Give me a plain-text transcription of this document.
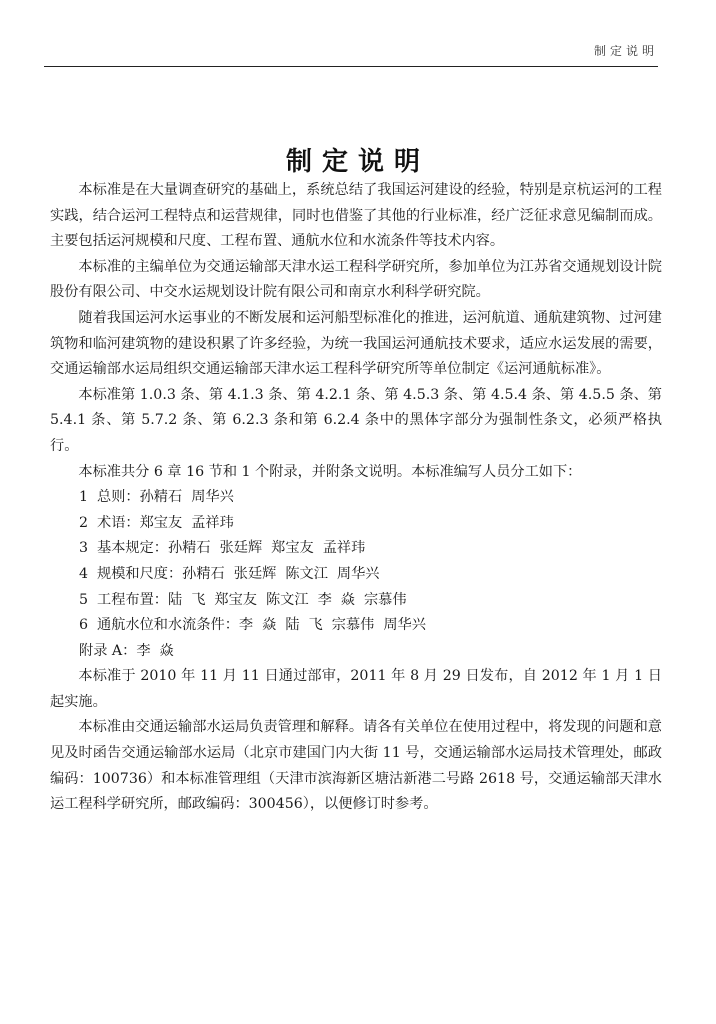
制定说明
制定说明

本标准是在大量调查研究的基础上，系统总结了我国运河建设的经验，特别是京杭运河的工程实践，结合运河工程特点和运营规律，同时也借鉴了其他的行业标准，经广泛征求意见编制而成。主要包括运河规模和尺度、工程布置、通航水位和水流条件等技术内容。

本标准的主编单位为交通运输部天津水运工程科学研究所，参加单位为江苏省交通规划设计院股份有限公司、中交水运规划设计院有限公司和南京水利科学研究院。

随着我国运河水运事业的不断发展和运河船型标准化的推进，运河航道、通航建筑物、过河建筑物和临河建筑物的建设积累了许多经验，为统一我国运河通航技术要求，适应水运发展的需要，交通运输部水运局组织交通运输部天津水运工程科学研究所等单位制定《运河通航标准》。

本标准第 1.0.3 条、第 4.1.3 条、第 4.2.1 条、第 4.5.3 条、第 4.5.4 条、第 4.5.5 条、第 5.4.1 条、第 5.7.2 条、第 6.2.3 条和第 6.2.4 条中的黑体字部分为强制性条文，必须严格执行。

本标准共分 6 章 16 节和 1 个附录，并附条文说明。本标准编写人员分工如下：

1  总则：孙精石  周华兴

2  术语：郑宝友  孟祥玮

3  基本规定：孙精石  张廷辉  郑宝友  孟祥玮

4  规模和尺度：孙精石  张廷辉  陈文江  周华兴

5  工程布置：陆  飞  郑宝友  陈文江  李  焱  宗慕伟

6  通航水位和水流条件：李  焱  陆  飞  宗慕伟  周华兴

附录 A：李  焱

本标准于 2010 年 11 月 11 日通过部审，2011 年 8 月 29 日发布，自 2012 年 1 月 1 日起实施。

本标准由交通运输部水运局负责管理和解释。请各有关单位在使用过程中，将发现的问题和意见及时函告交通运输部水运局（北京市建国门内大街 11 号，交通运输部水运局技术管理处，邮政编码：100736）和本标准管理组（天津市滨海新区塘沽新港二号路 2618 号，交通运输部天津水运工程科学研究所，邮政编码：300456），以便修订时参考。
